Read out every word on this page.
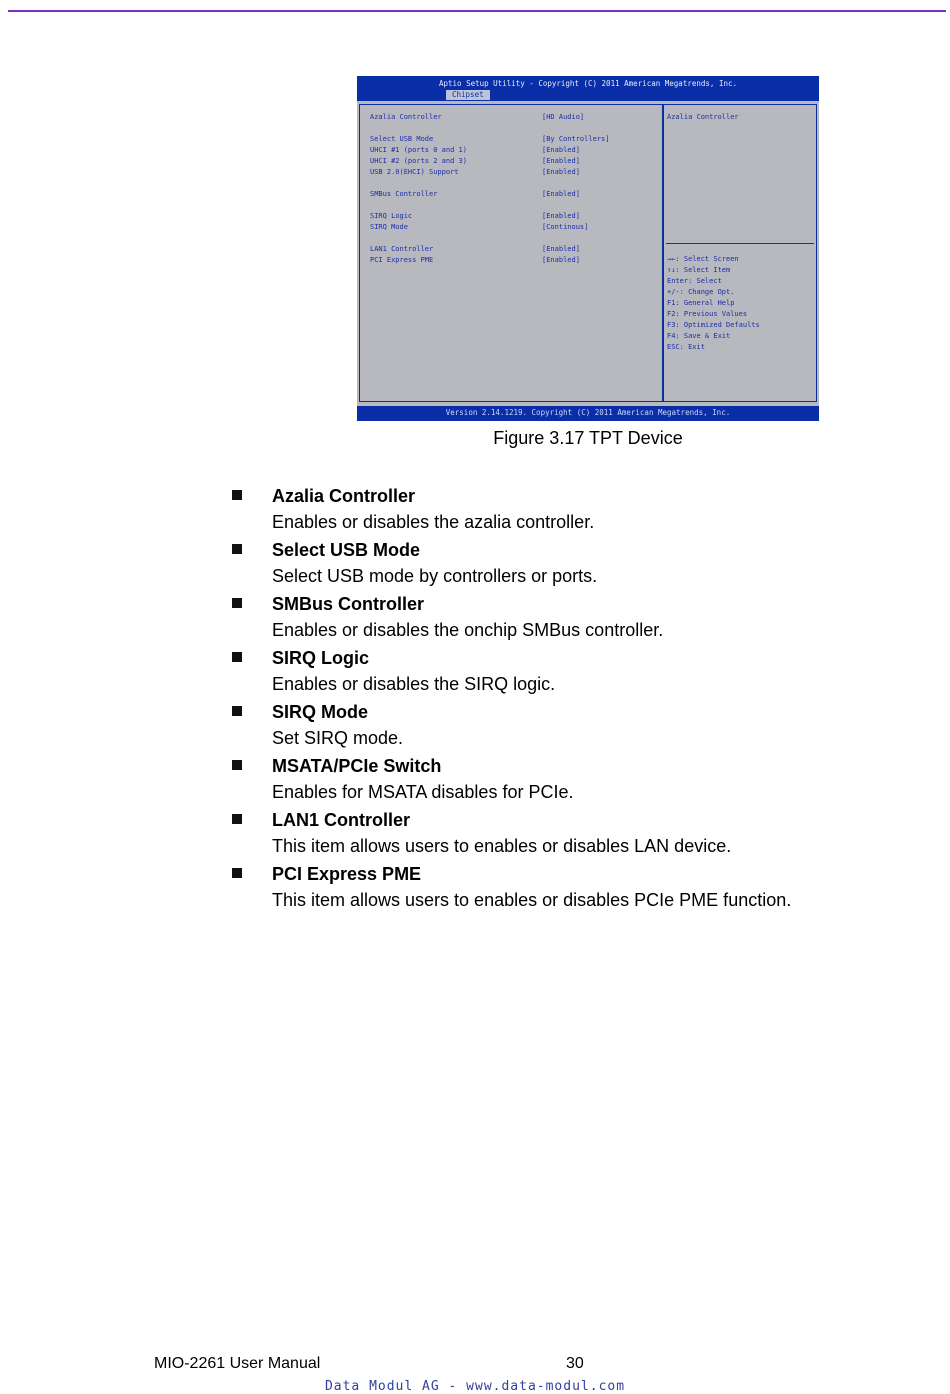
Aptio Setup Utility - Copyright (C) 2011 American Megatrends, Inc.
Chipset
Azalia Controller	[HD Audio]
Select USB Mode	[By Controllers]
UHCI #1 (ports 0 and 1)	[Enabled]
UHCI #2 (ports 2 and 3)	[Enabled]
USB 2.0(EHCI) Support	[Enabled]
SMBus Controller	[Enabled]
SIRQ Logic	[Enabled]
SIRQ Mode	[Continous]
LAN1 Controller	[Enabled]
PCI Express PME	[Enabled]
Azalia Controller
→←: Select Screen
↑↓: Select Item
Enter: Select
+/-: Change Opt.
F1: General Help
F2: Previous Values
F3: Optimized Defaults
F4: Save & Exit
ESC: Exit
Version 2.14.1219. Copyright (C) 2011 American Megatrends, Inc.
Figure 3.17 TPT Device
Azalia Controller
Enables or disables the azalia controller.
Select USB Mode
Select USB mode by controllers or ports.
SMBus Controller
Enables or disables the onchip SMBus controller.
SIRQ Logic
Enables or disables the SIRQ logic.
SIRQ Mode
Set SIRQ mode.
MSATA/PCIe Switch
Enables for MSATA disables for PCIe.
LAN1 Controller
This item allows users to enables or disables LAN device.
PCI Express PME
This item allows users to enables or disables PCIe PME function.
MIO-2261 User Manual	30
Data Modul AG - www.data-modul.com
